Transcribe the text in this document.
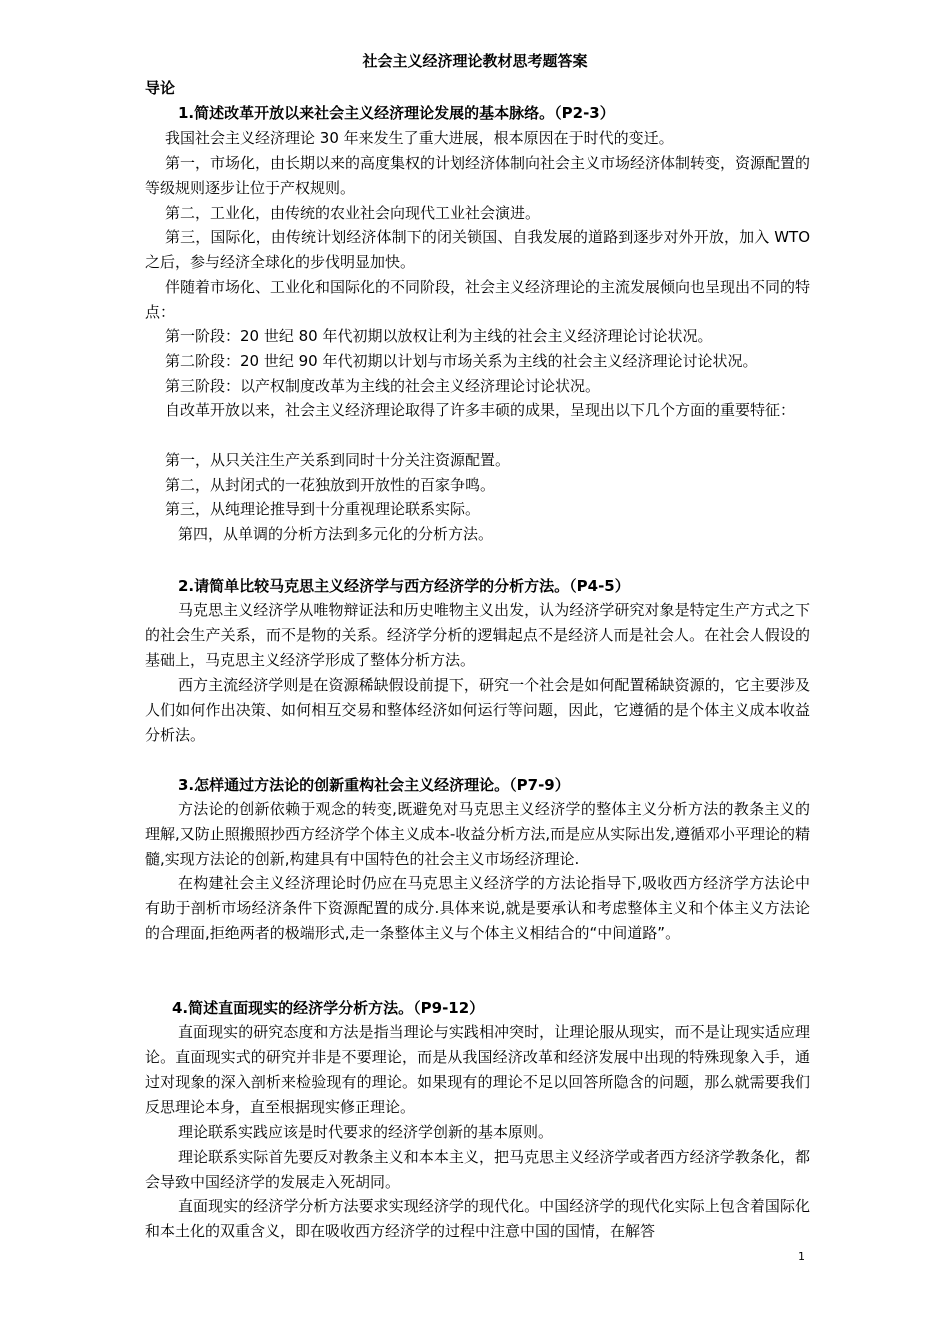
社会主义经济理论教材思考题答案
导论
1.简述改革开放以来社会主义经济理论发展的基本脉络。（P2-3）
我国社会主义经济理论 30 年来发生了重大进展，根本原因在于时代的变迁。
第一，市场化，由长期以来的高度集权的计划经济体制向社会主义市场经济体制转变，资源配置的等级规则逐步让位于产权规则。
第二，工业化，由传统的农业社会向现代工业社会演进。
第三，国际化，由传统计划经济体制下的闭关锁国、自我发展的道路到逐步对外开放，加入 WTO 之后，参与经济全球化的步伐明显加快。
伴随着市场化、工业化和国际化的不同阶段，社会主义经济理论的主流发展倾向也呈现出不同的特点：
第一阶段：20 世纪 80 年代初期以放权让利为主线的社会主义经济理论讨论状况。
第二阶段：20 世纪 90 年代初期以计划与市场关系为主线的社会主义经济理论讨论状况。
第三阶段：以产权制度改革为主线的社会主义经济理论讨论状况。
自改革开放以来，社会主义经济理论取得了许多丰硕的成果，呈现出以下几个方面的重要特征：
第一，从只关注生产关系到同时十分关注资源配置。
第二，从封闭式的一花独放到开放性的百家争鸣。
第三，从纯理论推导到十分重视理论联系实际。
第四，从单调的分析方法到多元化的分析方法。
2.请简单比较马克思主义经济学与西方经济学的分析方法。（P4-5）
马克思主义经济学从唯物辩证法和历史唯物主义出发，认为经济学研究对象是特定生产方式之下的社会生产关系，而不是物的关系。经济学分析的逻辑起点不是经济人而是社会人。在社会人假设的基础上，马克思主义经济学形成了整体分析方法。
西方主流经济学则是在资源稀缺假设前提下，研究一个社会是如何配置稀缺资源的，它主要涉及人们如何作出决策、如何相互交易和整体经济如何运行等问题，因此，它遵循的是个体主义成本收益分析法。
3.怎样通过方法论的创新重构社会主义经济理论。（P7-9）
方法论的创新依赖于观念的转变,既避免对马克思主义经济学的整体主义分析方法的教条主义的理解,又防止照搬照抄西方经济学个体主义成本-收益分析方法,而是应从实际出发,遵循邓小平理论的精髓,实现方法论的创新,构建具有中国特色的社会主义市场经济理论.
在构建社会主义经济理论时仍应在马克思主义经济学的方法论指导下,吸收西方经济学方法论中有助于剖析市场经济条件下资源配置的成分.具体来说,就是要承认和考虑整体主义和个体主义方法论的合理面,拒绝两者的极端形式,走一条整体主义与个体主义相结合的“中间道路”。
4.简述直面现实的经济学分析方法。（P9-12）
直面现实的研究态度和方法是指当理论与实践相冲突时，让理论服从现实，而不是让现实适应理论。直面现实式的研究并非是不要理论，而是从我国经济改革和经济发展中出现的特殊现象入手，通过对现象的深入剖析来检验现有的理论。如果现有的理论不足以回答所隐含的问题，那么就需要我们反思理论本身，直至根据现实修正理论。
理论联系实践应该是时代要求的经济学创新的基本原则。
理论联系实际首先要反对教条主义和本本主义，把马克思主义经济学或者西方经济学教条化，都会导致中国经济学的发展走入死胡同。
直面现实的经济学分析方法要求实现经济学的现代化。中国经济学的现代化实际上包含着国际化和本土化的双重含义，即在吸收西方经济学的过程中注意中国的国情，在解答
1
